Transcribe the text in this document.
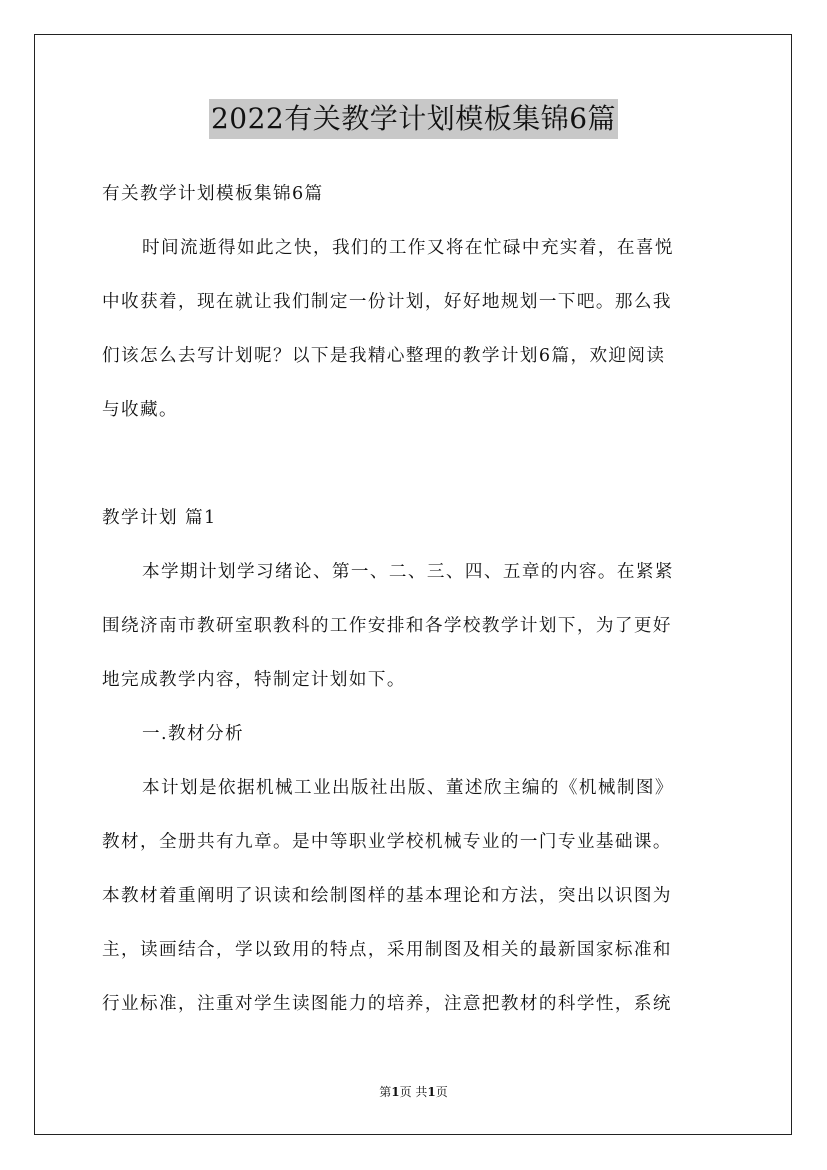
2022有关教学计划模板集锦6篇
有关教学计划模板集锦6篇
时间流逝得如此之快，我们的工作又将在忙碌中充实着，在喜悦
中收获着，现在就让我们制定一份计划，好好地规划一下吧。那么我
们该怎么去写计划呢？以下是我精心整理的教学计划6篇，欢迎阅读
与收藏。
教学计划 篇1
本学期计划学习绪论、第一、二、三、四、五章的内容。在紧紧
围绕济南市教研室职教科的工作安排和各学校教学计划下，为了更好
地完成教学内容，特制定计划如下。
一.教材分析
本计划是依据机械工业出版社出版、董述欣主编的《机械制图》
教材，全册共有九章。是中等职业学校机械专业的一门专业基础课。
本教材着重阐明了识读和绘制图样的基本理论和方法，突出以识图为
主，读画结合，学以致用的特点，采用制图及相关的最新国家标准和
行业标准，注重对学生读图能力的培养，注意把教材的科学性，系统
第1页 共1页
